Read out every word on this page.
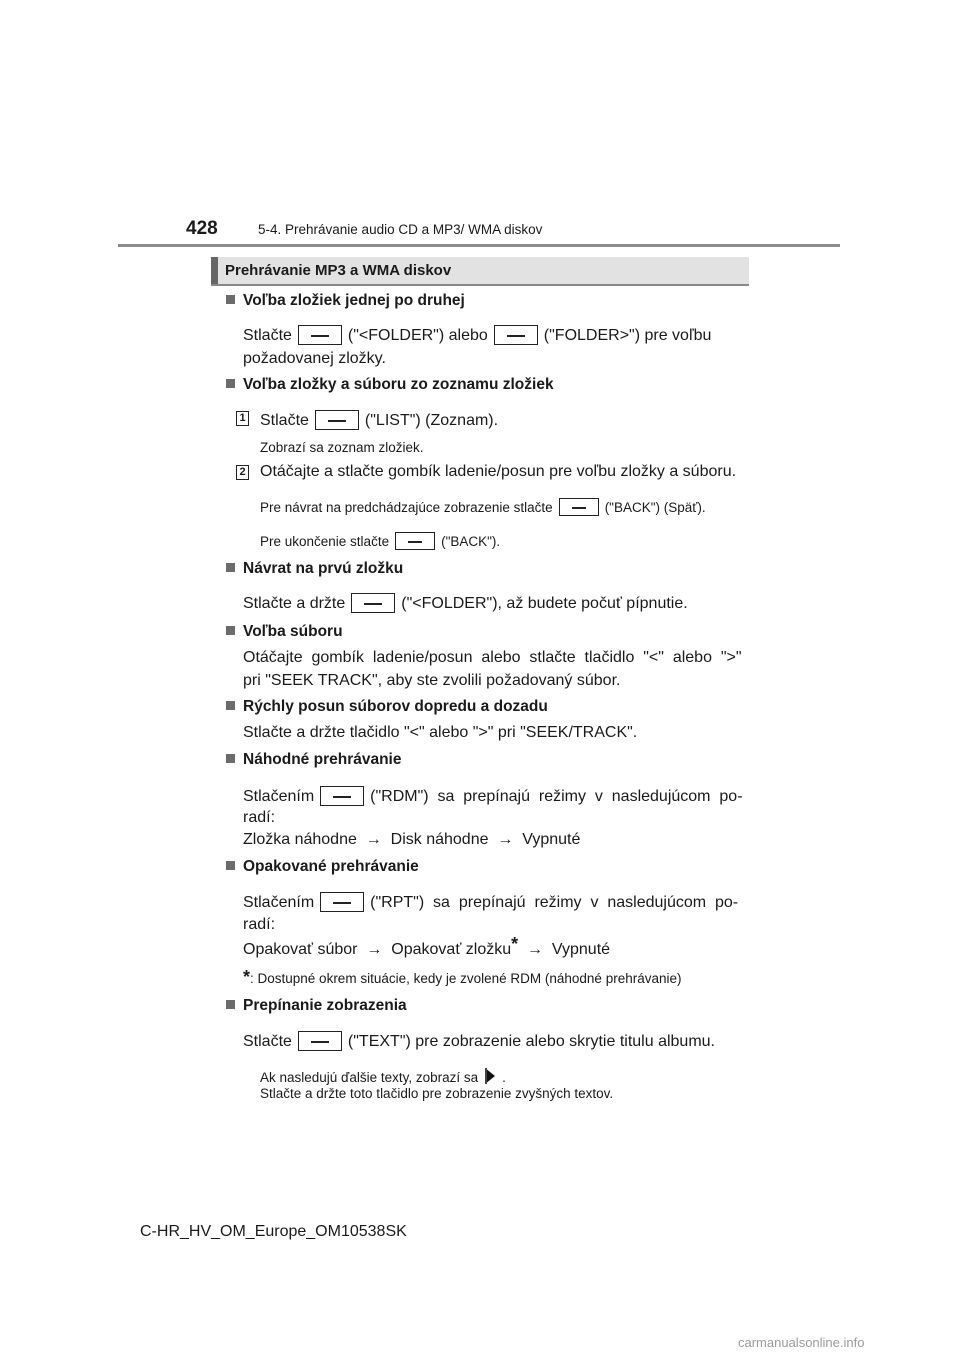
428	5-4. Prehrávanie audio CD a MP3/ WMA diskov
Prehrávanie MP3 a WMA diskov
Voľba zložiek jednej po druhej
Stlačte	("<FOLDER") alebo	("FOLDER>") pre voľbu
požadovanej zložky.
Voľba zložky a súboru zo zoznamu zložiek
1 Stlačte	("LIST") (Zoznam).
Zobrazí sa zoznam zložiek.
2 Otáčajte a stlačte gombík ladenie/posun pre voľbu zložky a súboru.
Pre návrat na predchádzajúce zobrazenie stlačte	("BACK") (Späť).
Pre ukončenie stlačte	("BACK").
Návrat na prvú zložku
Stlačte a držte	("<FOLDER"), až budete počuť pípnutie.
Voľba súboru
Otáčajte  gombík  ladenie/posun  alebo  stlačte  tlačidlo  "<"  alebo  ">"
pri "SEEK TRACK", aby ste zvolili požadovaný súbor.
Rýchly posun súborov dopredu a dozadu
Stlačte a držte tlačidlo "<" alebo ">" pri "SEEK/TRACK".
Náhodné prehrávanie
Stlačením	("RDM")  sa  prepínajú  režimy  v  nasledujúcom  po-
radí:
Zložka náhodne  →  Disk náhodne  →  Vypnuté
Opakované prehrávanie
Stlačením	("RPT")  sa  prepínajú  režimy  v  nasledujúcom  po-
radí:
Opakovať súbor  →  Opakovať zložku*  →  Vypnuté
*: Dostupné okrem situácie, kedy je zvolené RDM (náhodné prehrávanie)
Prepínanie zobrazenia
Stlačte	("TEXT") pre zobrazenie alebo skrytie titulu albumu.
Ak nasledujú ďalšie texty, zobrazí sa .
Stlačte a držte toto tlačidlo pre zobrazenie zvyšných textov.
C-HR_HV_OM_Europe_OM10538SK
carmanualsonline.info
